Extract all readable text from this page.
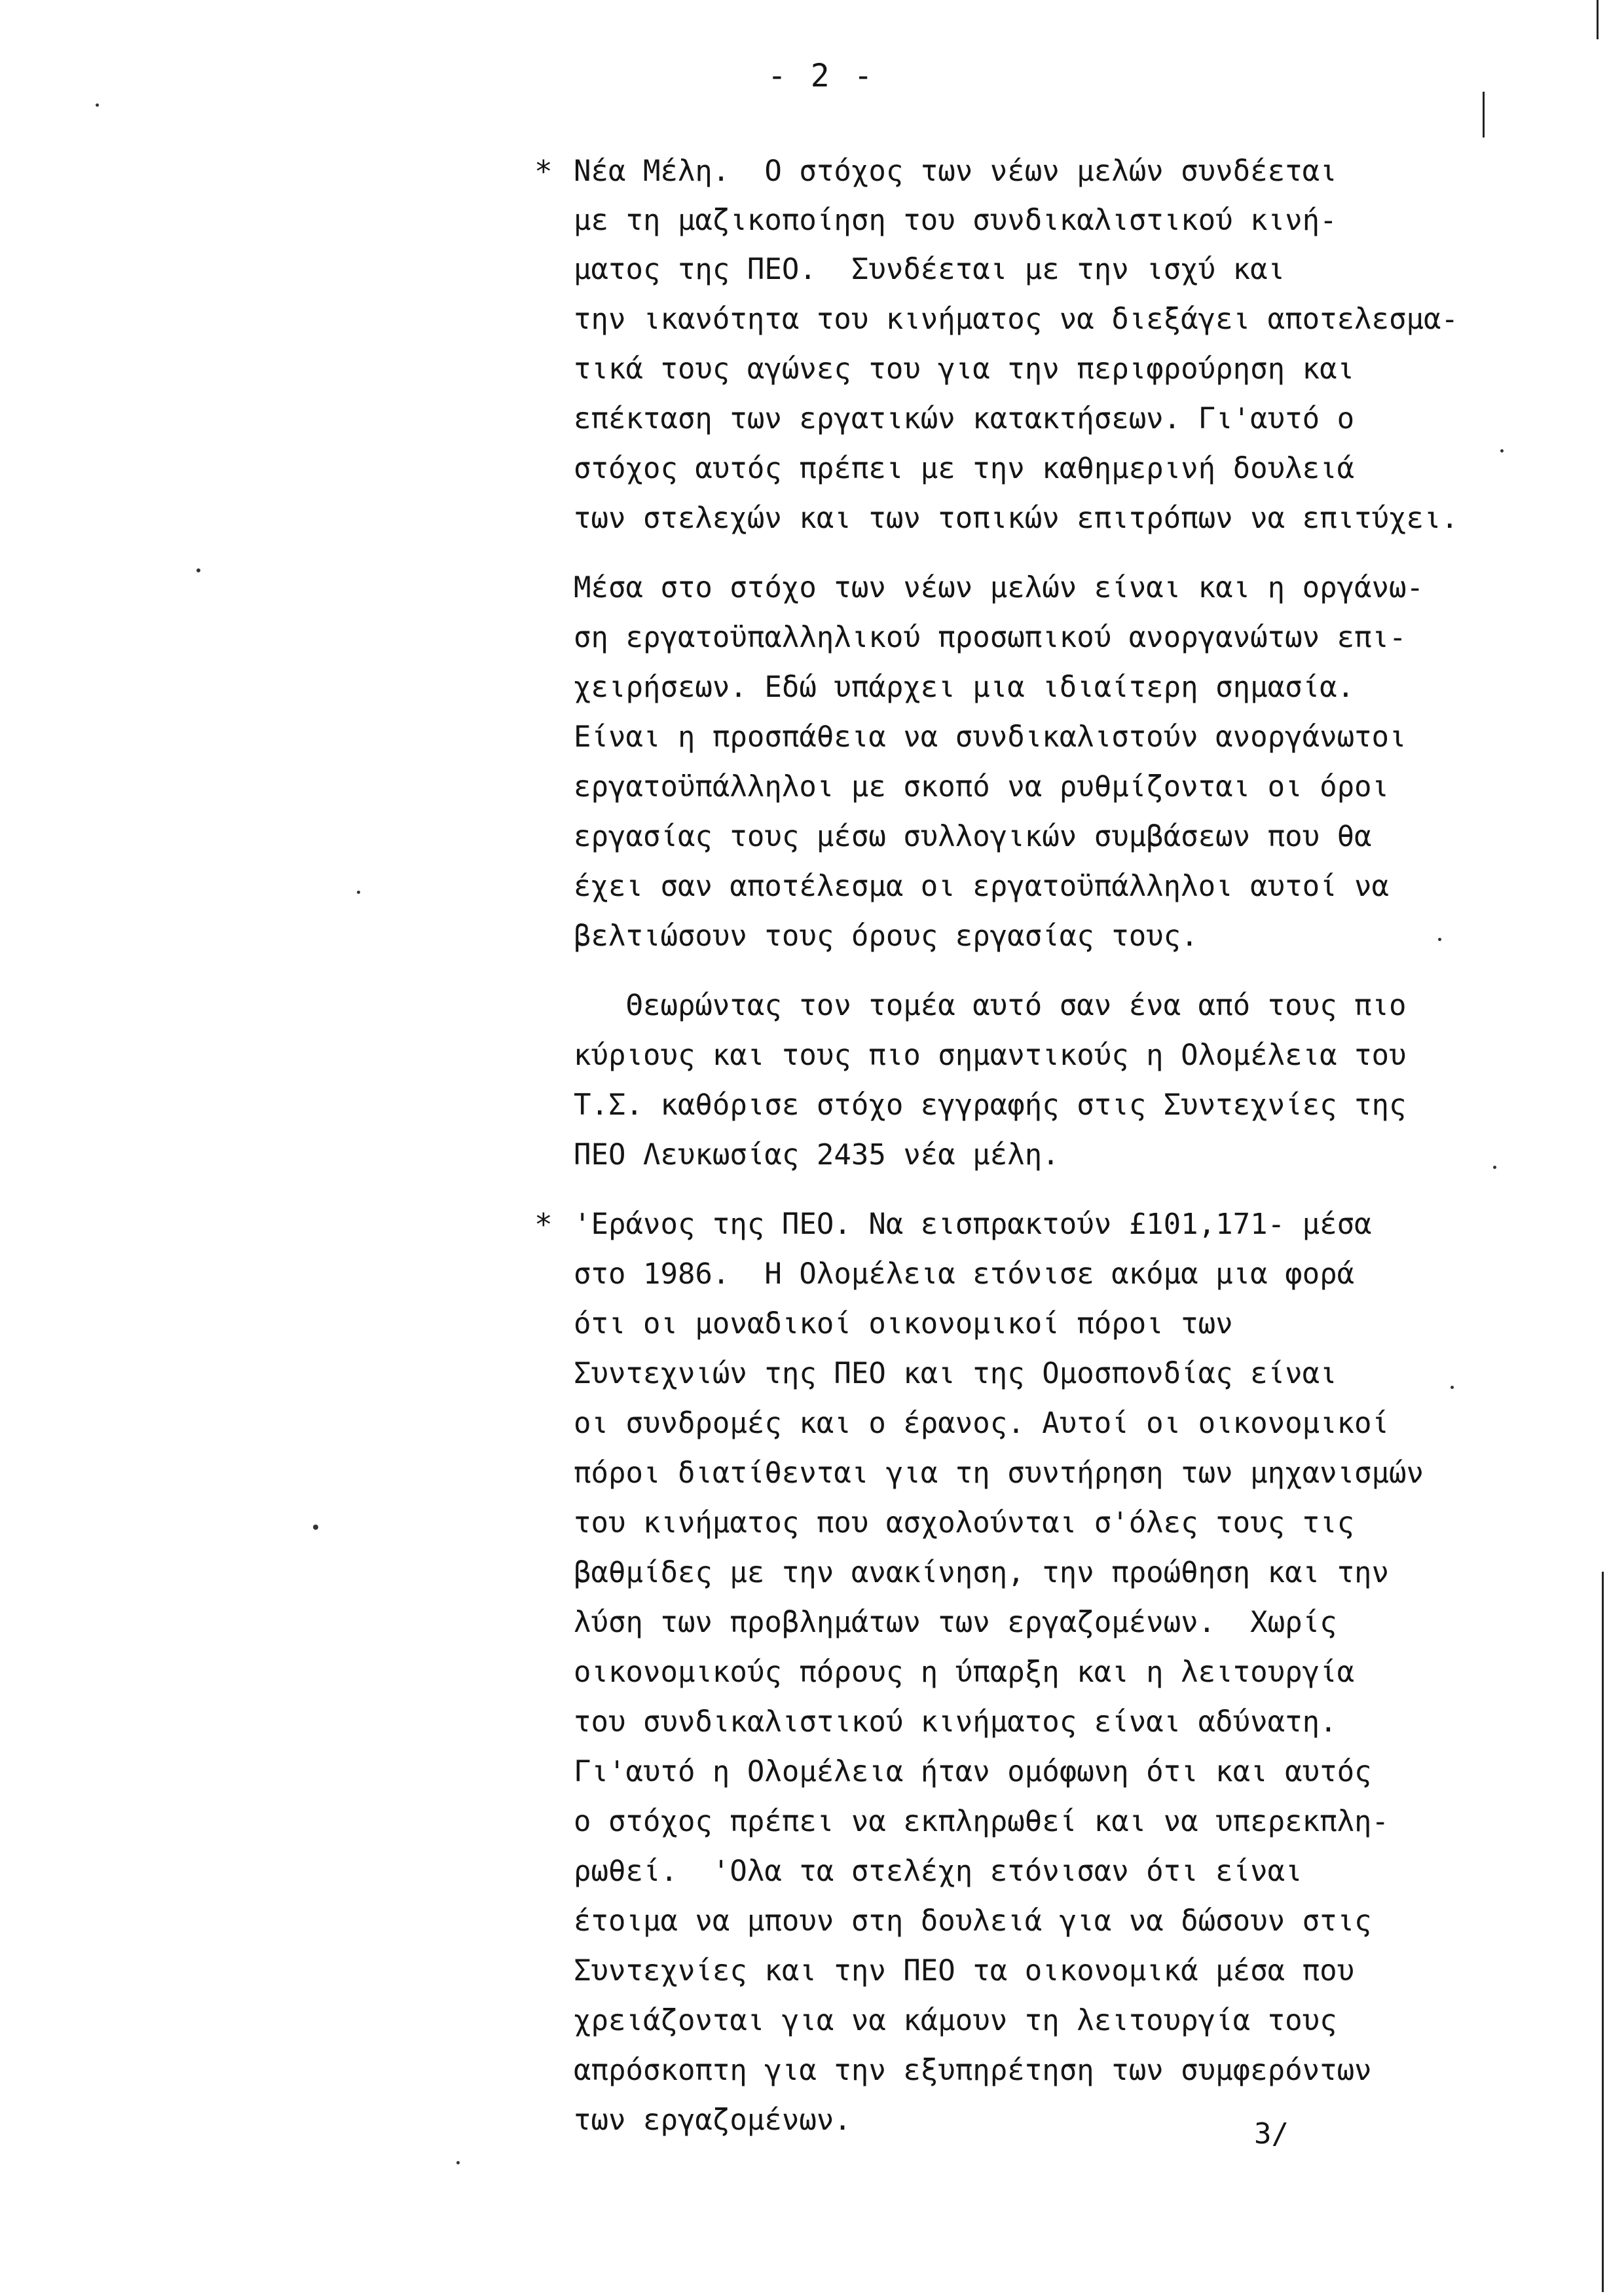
- 2 -
* Νέα Μέλη.  Ο στόχος των νέων μελών συνδέεται
με τη μαζικοποίηση του συνδικαλιστικού κινή-
ματος της ΠΕΟ.  Συνδέεται με την ισχύ και
την ικανότητα του κινήματος να διεξάγει αποτελεσμα-
τικά τους αγώνες του για την περιφρούρηση και
επέκταση των εργατικών κατακτήσεων. Γι'αυτό ο
στόχος αυτός πρέπει με την καθημερινή δουλειά
των στελεχών και των τοπικών επιτρόπων να επιτύχει.
Μέσα στο στόχο των νέων μελών είναι και η οργάνω-
ση εργατοϋπαλληλικού προσωπικού ανοργανώτων επι-
χειρήσεων. Εδώ υπάρχει μια ιδιαίτερη σημασία.
Είναι η προσπάθεια να συνδικαλιστούν ανοργάνωτοι
εργατοϋπάλληλοι με σκοπό να ρυθμίζονται οι όροι
εργασίας τους μέσω συλλογικών συμβάσεων που θα
έχει σαν αποτέλεσμα οι εργατοϋπάλληλοι αυτοί να
βελτιώσουν τους όρους εργασίας τους.
Θεωρώντας τον τομέα αυτό σαν ένα από τους πιο
κύριους και τους πιο σημαντικούς η Ολομέλεια του
Τ.Σ. καθόρισε στόχο εγγραφής στις Συντεχνίες της
ΠΕΟ Λευκωσίας 2435 νέα μέλη.
* 'Εράνος της ΠΕΟ. Να εισπρακτούν £101,171- μέσα
στο 1986.  Η Ολομέλεια ετόνισε ακόμα μια φορά
ότι οι μοναδικοί οικονομικοί πόροι των
Συντεχνιών της ΠΕΟ και της Ομοσπονδίας είναι
οι συνδρομές και ο έρανος. Αυτοί οι οικονομικοί
πόροι διατίθενται για τη συντήρηση των μηχανισμών
του κινήματος που ασχολούνται σ'όλες τους τις
βαθμίδες με την ανακίνηση, την προώθηση και την
λύση των προβλημάτων των εργαζομένων.  Χωρίς
οικονομικούς πόρους η ύπαρξη και η λειτουργία
του συνδικαλιστικού κινήματος είναι αδύνατη.
Γι'αυτό η Ολομέλεια ήταν ομόφωνη ότι και αυτός
ο στόχος πρέπει να εκπληρωθεί και να υπερεκπλη-
ρωθεί.  'Ολα τα στελέχη ετόνισαν ότι είναι
έτοιμα να μπουν στη δουλειά για να δώσουν στις
Συντεχνίες και την ΠΕΟ τα οικονομικά μέσα που
χρειάζονται για να κάμουν τη λειτουργία τους
απρόσκοπτη για την εξυπηρέτηση των συμφερόντων
των εργαζομένων.	3/
